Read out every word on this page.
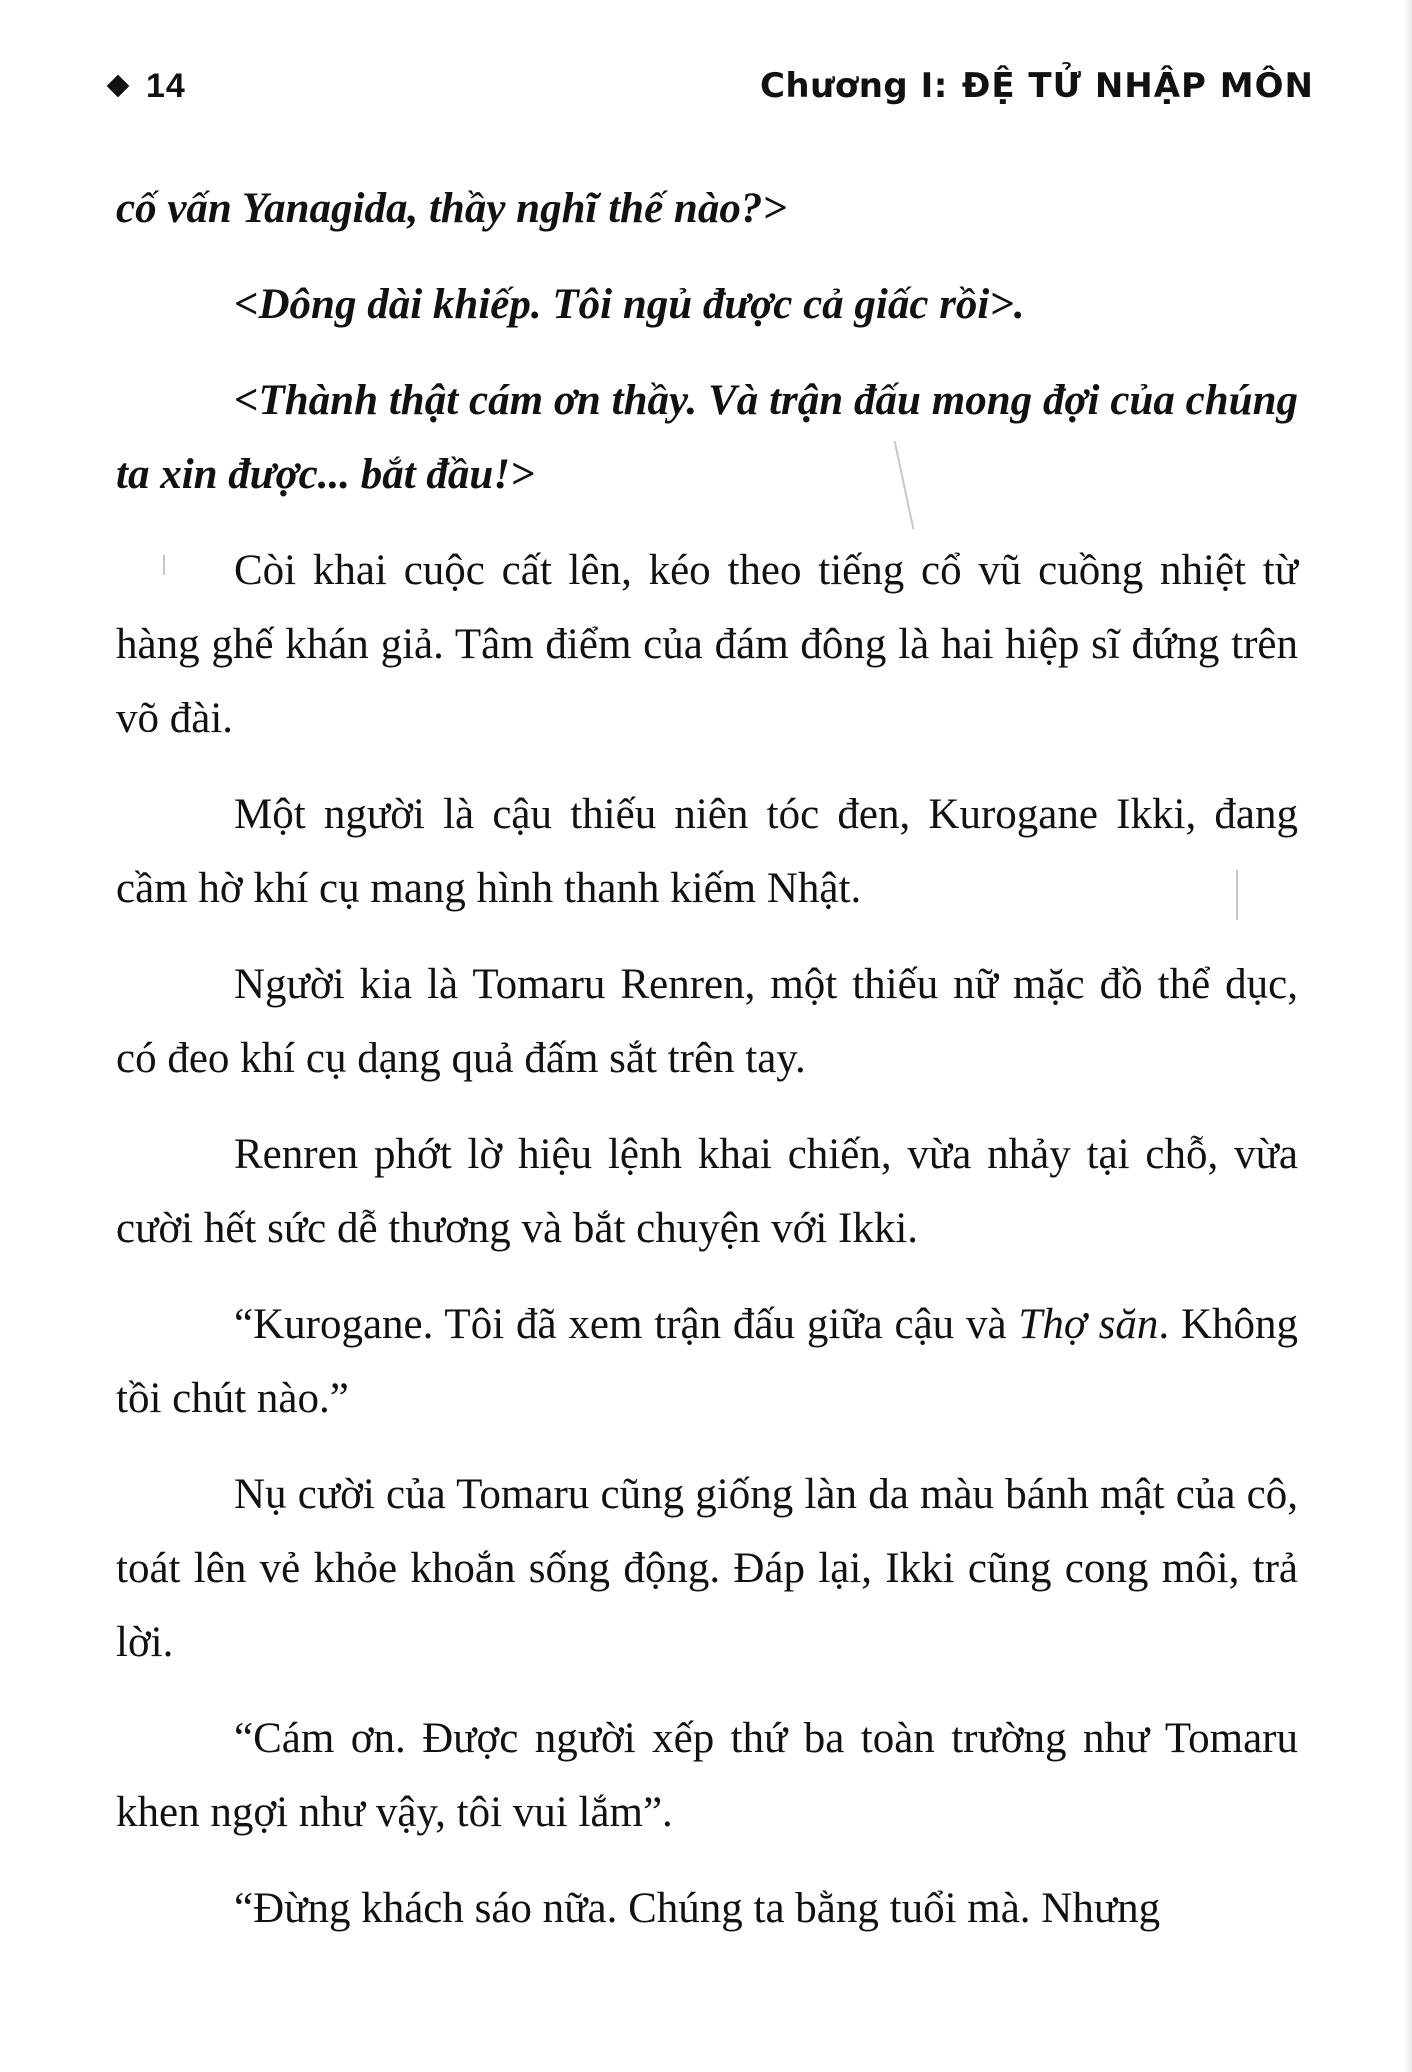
14	Chương I: ĐỆ TỬ NHẬP MÔN

cố vấn Yanagida, thầy nghĩ thế nào?>

<Dông dài khiếp. Tôi ngủ được cả giấc rồi>.

<Thành thật cám ơn thầy. Và trận đấu mong đợi của chúng ta xin được... bắt đầu!>

Còi khai cuộc cất lên, kéo theo tiếng cổ vũ cuồng nhiệt từ hàng ghế khán giả. Tâm điểm của đám đông là hai hiệp sĩ đứng trên võ đài.

Một người là cậu thiếu niên tóc đen, Kurogane Ikki, đang cầm hờ khí cụ mang hình thanh kiếm Nhật.

Người kia là Tomaru Renren, một thiếu nữ mặc đồ thể dục, có đeo khí cụ dạng quả đấm sắt trên tay.

Renren phớt lờ hiệu lệnh khai chiến, vừa nhảy tại chỗ, vừa cười hết sức dễ thương và bắt chuyện với Ikki.

“Kurogane. Tôi đã xem trận đấu giữa cậu và Thợ săn. Không tồi chút nào.”

Nụ cười của Tomaru cũng giống làn da màu bánh mật của cô, toát lên vẻ khỏe khoắn sống động. Đáp lại, Ikki cũng cong môi, trả lời.

“Cám ơn. Được người xếp thứ ba toàn trường như Tomaru khen ngợi như vậy, tôi vui lắm”.

“Đừng khách sáo nữa. Chúng ta bằng tuổi mà. Nhưng
